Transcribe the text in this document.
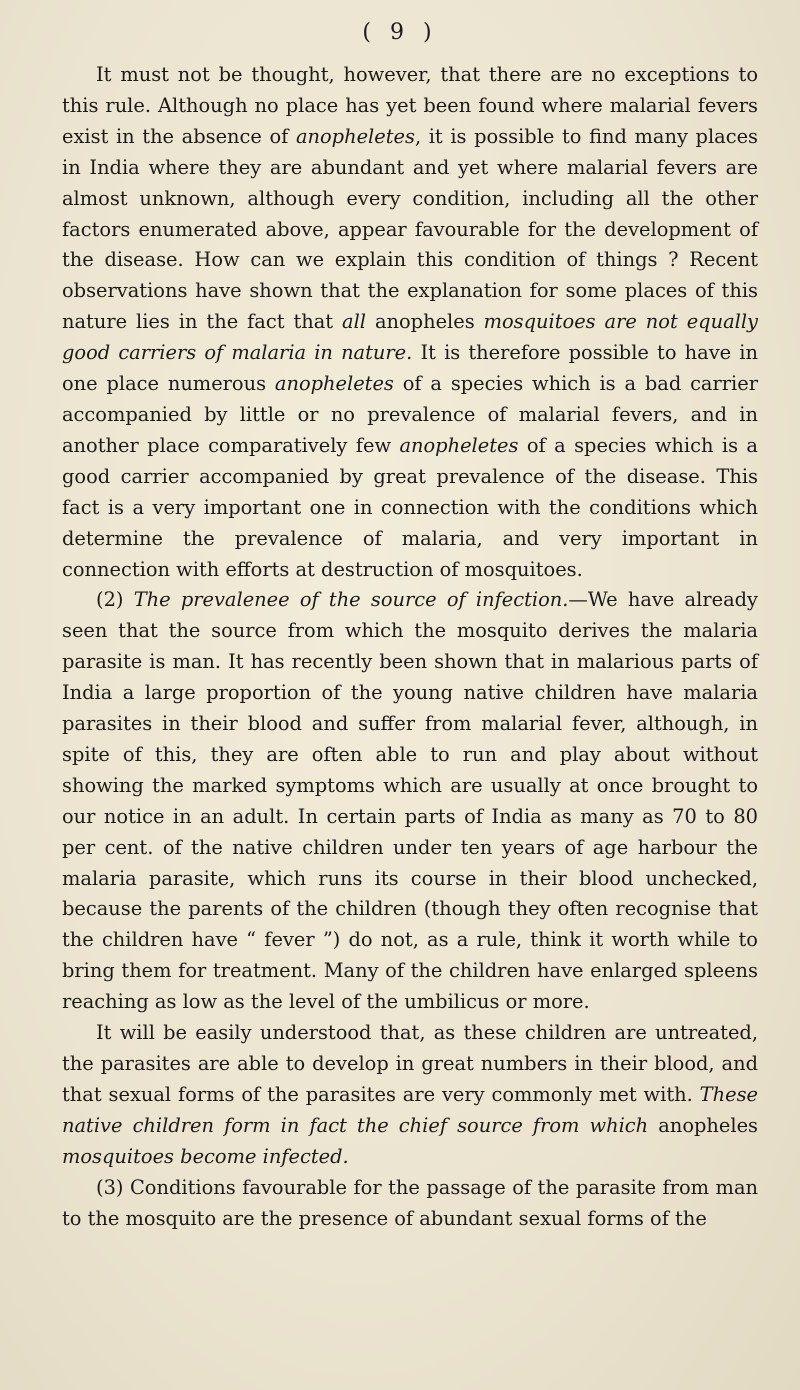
( 9 )

It must not be thought, however, that there are no exceptions to this rule. Although no place has yet been found where malarial fevers exist in the absence of anopheletes, it is possible to find many places in India where they are abundant and yet where malarial fevers are almost unknown, although every condition, including all the other factors enumerated above, appear favourable for the development of the disease. How can we explain this condition of things ? Recent observations have shown that the explanation for some places of this nature lies in the fact that all anopheles mosquitoes are not equally good carriers of malaria in nature. It is therefore possible to have in one place numerous anopheletes of a species which is a bad carrier accompanied by little or no prevalence of malarial fevers, and in another place comparatively few anopheletes of a species which is a good carrier accompanied by great prevalence of the disease. This fact is a very important one in connection with the conditions which determine the prevalence of malaria, and very important in connection with efforts at destruction of mosquitoes.

(2) The prevalenee of the source of infection.—We have already seen that the source from which the mosquito derives the malaria parasite is man. It has recently been shown that in malarious parts of India a large proportion of the young native children have malaria parasites in their blood and suffer from malarial fever, although, in spite of this, they are often able to run and play about without showing the marked symptoms which are usually at once brought to our notice in an adult. In certain parts of India as many as 70 to 80 per cent. of the native children under ten years of age harbour the malaria parasite, which runs its course in their blood unchecked, because the parents of the children (though they often recognise that the children have “ fever ”) do not, as a rule, think it worth while to bring them for treatment. Many of the children have enlarged spleens reaching as low as the level of the umbilicus or more.

It will be easily understood that, as these children are untreated, the parasites are able to develop in great numbers in their blood, and that sexual forms of the parasites are very commonly met with. These native children form in fact the chief source from which anopheles mosquitoes become infected.

(3) Conditions favourable for the passage of the parasite from man to the mosquito are the presence of abundant sexual forms of the
